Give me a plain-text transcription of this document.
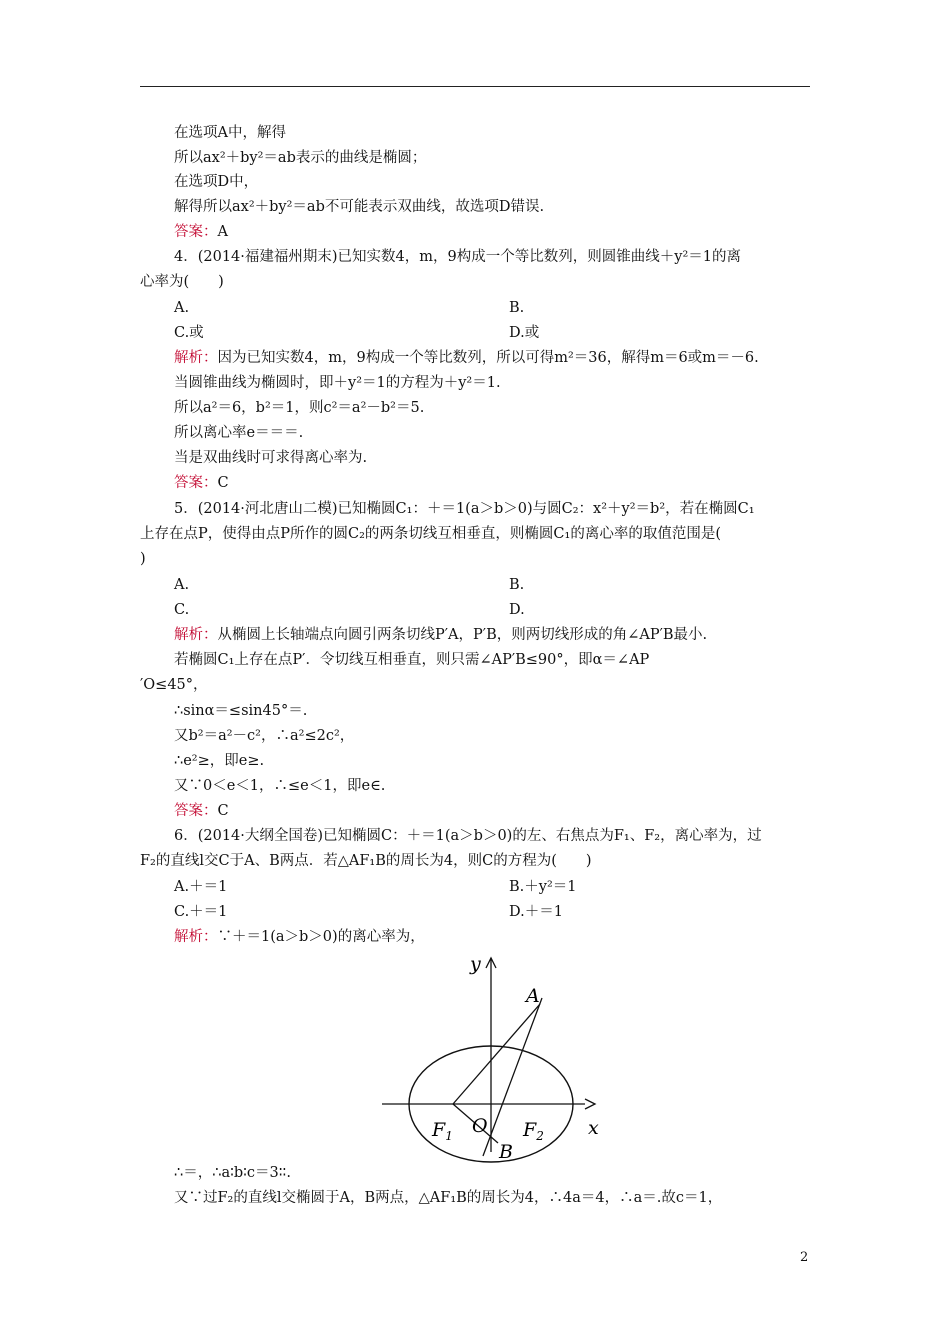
在选项A中，解得
所以ax²＋by²＝ab表示的曲线是椭圆；
在选项D中，
解得所以ax²＋by²＝ab不可能表示双曲线，故选项D错误.
答案：A
4．(2014·福建福州期末)已知实数4，m，9构成一个等比数列，则圆锥曲线＋y²＝1的离
心率为(　　)
A.	B.
C.或	D.或
解析：因为已知实数4，m，9构成一个等比数列，所以可得m²＝36，解得m＝6或m＝－6.
当圆锥曲线为椭圆时，即＋y²＝1的方程为＋y²＝1.
所以a²＝6，b²＝1，则c²＝a²－b²＝5.
所以离心率e＝＝＝.
当是双曲线时可求得离心率为.
答案：C
5．(2014·河北唐山二模)已知椭圆C₁：＋＝1(a＞b＞0)与圆C₂：x²＋y²＝b²，若在椭圆C₁
上存在点P，使得由点P所作的圆C₂的两条切线互相垂直，则椭圆C₁的离心率的取值范围是(
)
A.	B.
C.	D.
解析：从椭圆上长轴端点向圆引两条切线P′A，P′B，则两切线形成的角∠AP′B最小.
若椭圆C₁上存在点P′．令切线互相垂直，则只需∠AP′B≤90°，即α＝∠AP
′O≤45°，
∴sinα＝≤sin45°＝.
又b²＝a²－c²，∴a²≤2c²，
∴e²≥，即e≥.
又∵0＜e＜1，∴≤e＜1，即e∈.
答案：C
6．(2014·大纲全国卷)已知椭圆C：＋＝1(a＞b＞0)的左、右焦点为F₁、F₂，离心率为，过
F₂的直线l交C于A、B两点．若△AF₁B的周长为4，则C的方程为(　　)
A.＋＝1	B.＋y²＝1
C.＋＝1	D.＋＝1
解析：∵＋＝1(a＞b＞0)的离心率为，
y
x
A
B
O
$F_1$	$F_2$
∴＝，∴a∶b∶c＝3∶∶.
又∵过F₂的直线l交椭圆于A，B两点，△AF₁B的周长为4，∴4a＝4，∴a＝.故c＝1，
2
